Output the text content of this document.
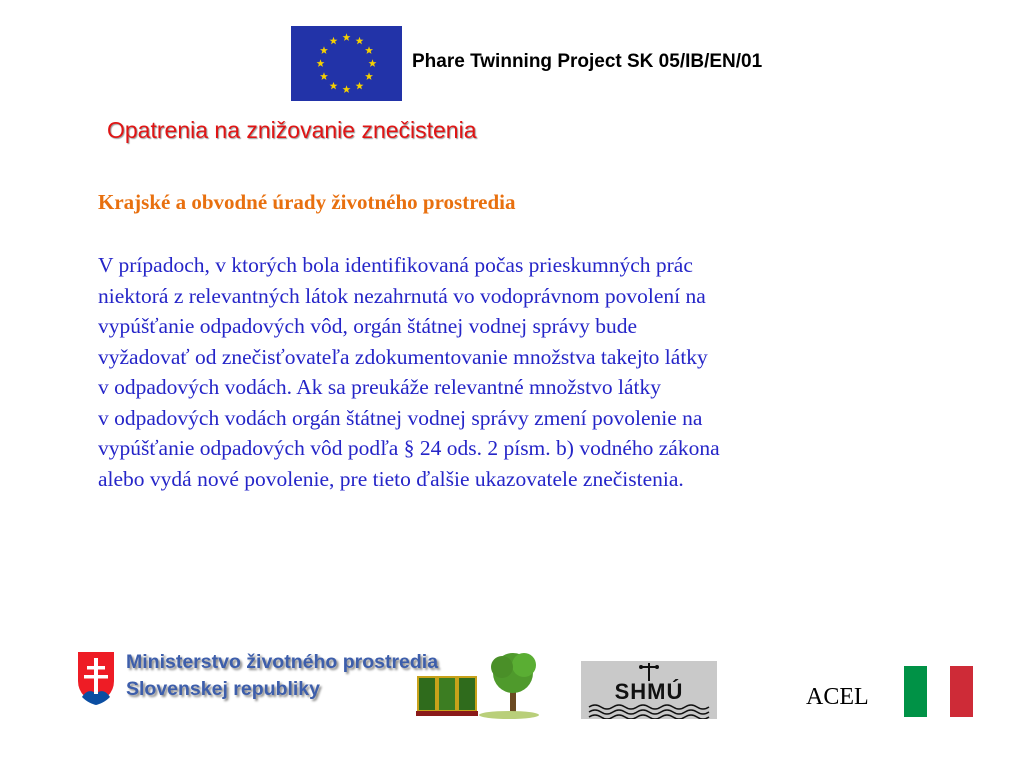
Phare Twinning Project SK 05/IB/EN/01
Opatrenia na znižovanie znečistenia
Krajské a obvodné úrady životného prostredia
V prípadoch, v ktorých bola identifikovaná počas prieskumných prác
niektorá z relevantných látok nezahrnutá vo vodoprávnom povolení na
vypúšťanie odpadových vôd, orgán štátnej vodnej správy bude
vyžadovať od znečisťovateľa zdokumentovanie množstva takejto látky
v odpadových vodách. Ak sa preukáže relevantné množstvo látky
v odpadových vodách orgán štátnej vodnej správy zmení povolenie na
vypúšťanie odpadových vôd podľa § 24 ods. 2 písm. b) vodného zákona
alebo vydá nové povolenie, pre tieto ďalšie ukazovatele znečistenia.
Ministerstvo životného prostredia
Slovenskej republiky	SHMÚ	ACEL
